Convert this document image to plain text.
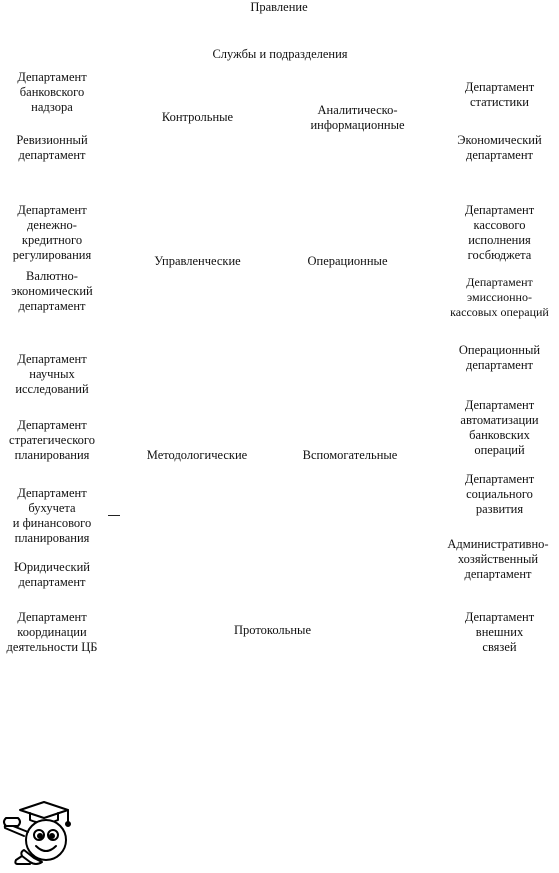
Правление
Службы и подразделения
Контрольные	Аналитическо-
информационные
Управленческие	Операционные
Методологические	Вспомогательные
Протокольные
Департамент
банковского
надзора
Ревизионный
департамент
Департамент
денежно-
кредитного
регулирования
Валютно-
экономический
департамент
Департамент
научных
исследований
Департамент
стратегического
планирования
Департамент
бухучета
и финансового
планирования
Юридический
департамент
Департамент
координации
деятельности ЦБ
Департамент
статистики
Экономический
департамент
Департамент
кассового
исполнения
госбюджета
Департамент
эмиссионно-
кассовых операций
Операционный
департамент
Департамент
автоматизации
банковских
операций
Департамент
социального
развития
Административно-
хозяйственный
департамент
Департамент
внешних
связей
